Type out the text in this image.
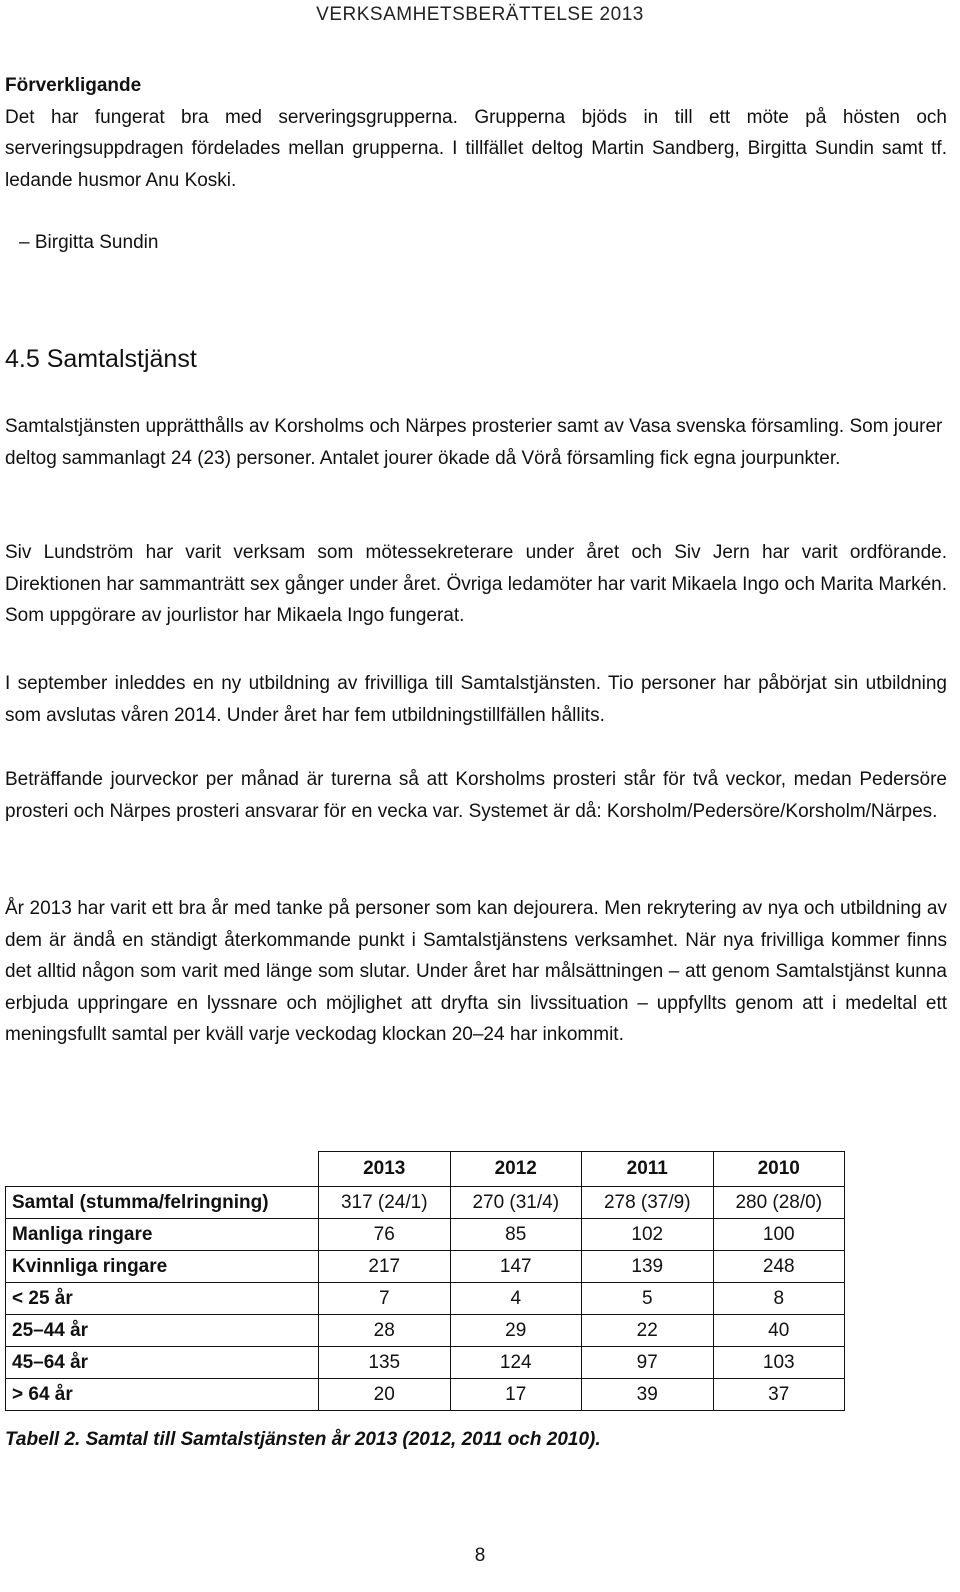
VERKSAMHETSBERÄTTELSE 2013

Förverkligande

Det har fungerat bra med serveringsgrupperna. Grupperna bjöds in till ett möte på hösten och serveringsuppdragen fördelades mellan grupperna. I tillfället deltog Martin Sandberg, Birgitta Sundin samt tf. ledande husmor Anu Koski.

– Birgitta Sundin

4.5 Samtalstjänst

Samtalstjänsten upprätthålls av Korsholms och Närpes prosterier samt av Vasa svenska församling. Som jourer deltog sammanlagt 24 (23) personer. Antalet jourer ökade då Vörå församling fick egna jourpunkter.

Siv Lundström har varit verksam som mötessekreterare under året och Siv Jern har varit ordförande. Direktionen har sammanträtt sex gånger under året. Övriga ledamöter har varit Mikaela Ingo och Marita Markén. Som uppgörare av jourlistor har Mikaela Ingo fungerat.

I september inleddes en ny utbildning av frivilliga till Samtalstjänsten. Tio personer har påbörjat sin utbildning som avslutas våren 2014. Under året har fem utbildningstillfällen hållits.

Beträffande jourveckor per månad är turerna så att Korsholms prosteri står för två veckor, medan Pedersöre prosteri och Närpes prosteri ansvarar för en vecka var. Systemet är då: Korsholm/Pedersöre/Korsholm/Närpes.

År 2013 har varit ett bra år med tanke på personer som kan dejourera. Men rekrytering av nya och utbildning av dem är ändå en ständigt återkommande punkt i Samtalstjänstens verksamhet. När nya frivilliga kommer finns det alltid någon som varit med länge som slutar. Under året har målsättningen – att genom Samtalstjänst kunna erbjuda uppringare en lyssnare och möjlighet att dryfta sin livssituation – uppfyllts genom att i medeltal ett meningsfullt samtal per kväll varje veckodag klockan 20–24 har inkommit.

	2013	2012	2011	2010
Samtal (stumma/felringning)	317 (24/1)	270 (31/4)	278 (37/9)	280 (28/0)
Manliga ringare	76	85	102	100
Kvinnliga ringare	217	147	139	248
< 25 år	7	4	5	8
25–44 år	28	29	22	40
45–64 år	135	124	97	103
> 64 år	20	17	39	37
Tabell 2. Samtal till Samtalstjänsten år 2013 (2012, 2011 och 2010).
8
